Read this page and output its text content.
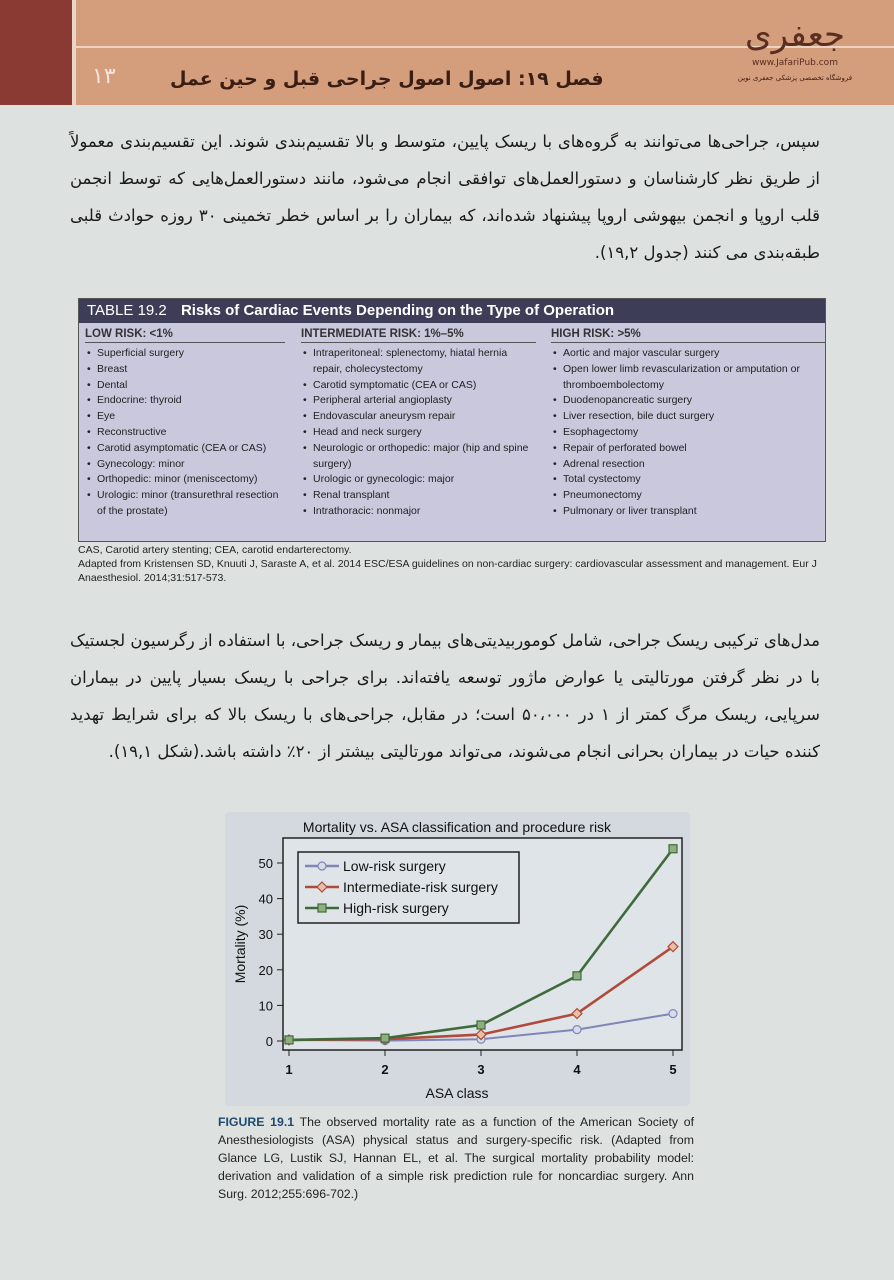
۱۳	فصل ۱۹: اصول اصول جراحی قبل و حین عمل
جعفری
www.JafariPub.com
فروشگاه تخصصی پزشکی جعفری نوین
سپس، جراحی‌ها می‌توانند به گروه‌های با ریسک پایین، متوسط و بالا تقسیم‌بندی شوند. این تقسیم‌بندی معمولاً از طریق نظر کارشناسان و دستورالعمل‌های توافقی انجام می‌شود، مانند دستورالعمل‌هایی که توسط انجمن قلب اروپا و انجمن بیهوشی اروپا پیشنهاد شده‌اند، که بیماران را بر اساس خطر تخمینی ۳۰ روزه حوادث قلبی طبقه‌بندی می کنند (جدول ۱۹,۲).
TABLE 19.2 Risks of Cardiac Events Depending on the Type of Operation
LOW RISK: <1%
• Superficial surgery
• Breast
• Dental
• Endocrine: thyroid
• Eye
• Reconstructive
• Carotid asymptomatic (CEA or CAS)
• Gynecology: minor
• Orthopedic: minor (meniscectomy)
• Urologic: minor (transurethral resection of the prostate)
INTERMEDIATE RISK: 1%–5%
• Intraperitoneal: splenectomy, hiatal hernia repair, cholecystectomy
• Carotid symptomatic (CEA or CAS)
• Peripheral arterial angioplasty
• Endovascular aneurysm repair
• Head and neck surgery
• Neurologic or orthopedic: major (hip and spine surgery)
• Urologic or gynecologic: major
• Renal transplant
• Intrathoracic: nonmajor
HIGH RISK: >5%
• Aortic and major vascular surgery
• Open lower limb revascularization or amputation or thromboembolectomy
• Duodenopancreatic surgery
• Liver resection, bile duct surgery
• Esophagectomy
• Repair of perforated bowel
• Adrenal resection
• Total cystectomy
• Pneumonectomy
• Pulmonary or liver transplant
CAS, Carotid artery stenting; CEA, carotid endarterectomy.
Adapted from Kristensen SD, Knuuti J, Saraste A, et al. 2014 ESC/ESA guidelines on non-cardiac surgery: cardiovascular assessment and management. Eur J Anaesthesiol. 2014;31:517-573.
مدل‌های ترکیبی ریسک جراحی، شامل کوموربیدیتی‌های بیمار و ریسک جراحی، با استفاده از رگرسیون لجستیک با در نظر گرفتن مورتالیتی یا عوارض ماژور توسعه یافته‌اند. برای جراحی با ریسک بسیار پایین در بیماران سرپایی، ریسک مرگ کمتر از ۱ در ۵۰،۰۰۰ است؛ در مقابل، جراحی‌های با ریسک بالا که برای شرایط تهدید کننده حیات در بیماران بحرانی انجام می‌شوند، می‌تواند مورتالیتی بیشتر از ۲۰٪ داشته باشد.(شکل ۱۹,۱).
Mortality vs. ASA classification and procedure risk
0
10
20
30
40
50
1	2	3	4	5
ASA class
Mortality (%)
Low-risk surgery
Intermediate-risk surgery
High-risk surgery
FIGURE 19.1 The observed mortality rate as a function of the American Society of Anesthesiologists (ASA) physical status and surgery-specific risk. (Adapted from Glance LG, Lustik SJ, Hannan EL, et al. The surgical mortality probability model: derivation and validation of a simple risk prediction rule for noncardiac surgery. Ann Surg. 2012;255:696-702.)
